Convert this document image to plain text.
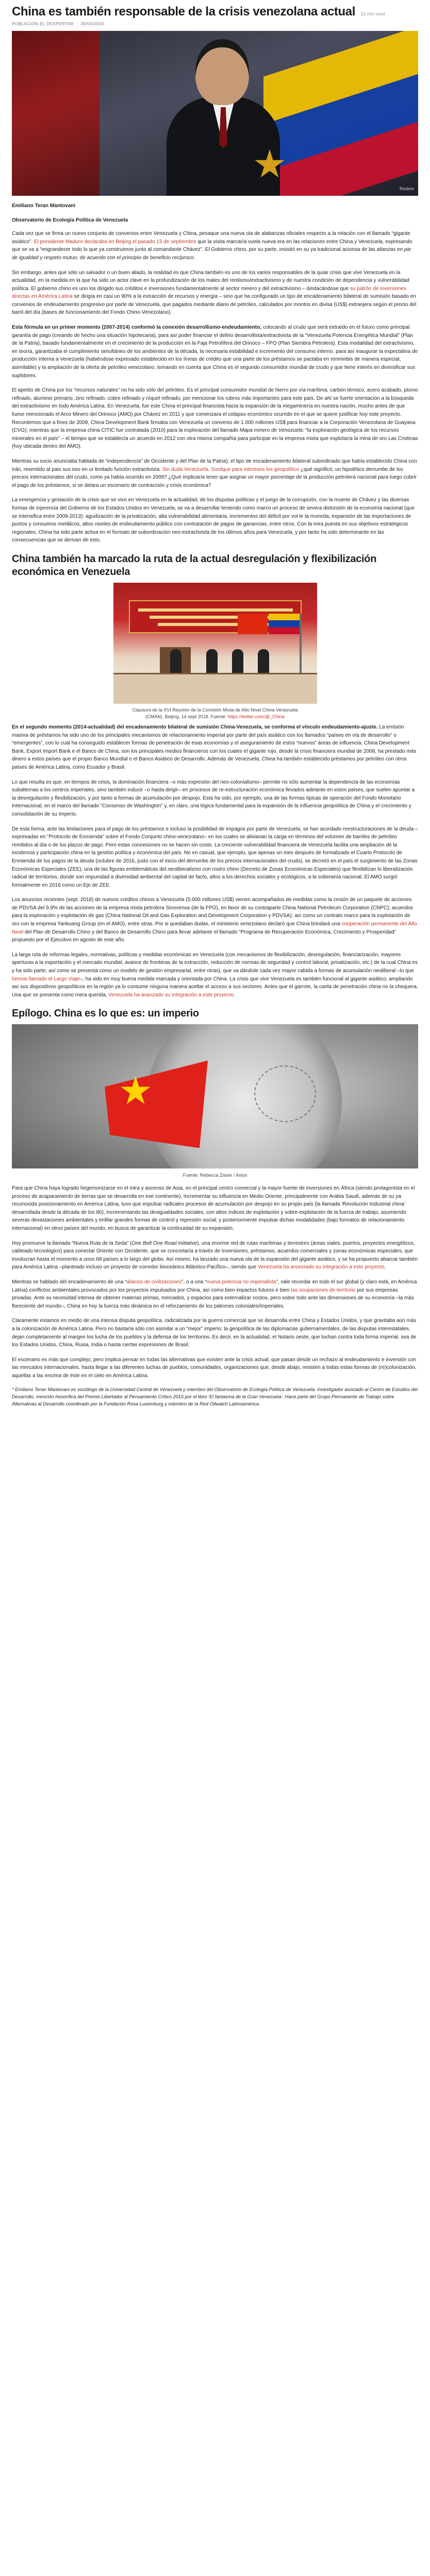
China es también responsable de la crisis venezolana actual 15 min read
POBLACIÓN EL DESPERTAR · 30/04/2019
Reuters
Emiliano Teran Mantovani
Observatorio de Ecología Política de Venezuela

Cada vez que se firma un nuevo conjunto de convenios entre Venezuela y China, pesaque una nueva ola de alabanzas oficiales respecto a la relación con el llamado “gigante asiático”. El presidente Maduro declaraba en Beijing el pasado 13 de septiembre que la visita marcaría vuela nueva era en las relaciones entre China y Venezuela, expresando que se va a “engrandecer todo lo que ya construimos junto al comandante Chávez”. El Gobierno chino, por su parte, insistió en su ya tradicional acionsa de las alianzas en pie de igualdad y respeto mutuo, de acuerdo con el principio de beneficio recíproco.

Sin embargo, antes que sólo un salvador o un buen aliado, la realidad es que China también es uno de los varios responsables de la quiar crisis que vive Venezuela en la actualidad, en la medida en la que ha sido un actor clave en la profundización de los males del rentismo/extractivismo y de nuestra condición de dependencia y vulnerabilidad política. El gobierno chino es uno los dirigido sus créditos e inversiones fundamentalmente al sector minero y del extractivismo – destacándose que su patrón de inversiones directas en América Latina se dirigía en casi un 90% a la extracción de recursos y energía – sino que ha configurado un tipo de encadenamiento bilateral de sumisión basado en convenios de endeudamiento progresivo por parte de Venezuela, que pagados mediante diario de petróleo, calculados por montos en divisa (US$) extranjera según el precio del barril del día (bases de funcionamiento del Fondo Chino-Venezolano).

Esta fórmula en un primer momento (2007-2014) conformó la conexión desarrollismo-endeudamiento, colocando al crudo que será extraído en el futuro como principal garantía de pago (creando de hecho una situación hipotecaria), para así poder financiar el delirio desarrollista/extractivista de la “Venezuela Potencia Energética Mundial” (Plan de la Patria), basado fundamentalmente en el crecimiento de la producción en la Faja Petrolífera del Orinoco – FPO (Plan Siembra Petrolera). Esta modalidad del extractivismo, en teoría, garantizaba el cumplimiento simultáneo de los ambientes de la década, la necesaria estabilidad e incremento del consumo interno, para así inaugurar la expectativa de producción interna a Venezuela (habiéndose expresado establecido en los líneas de crédito que una parte de los préstamos se pactaba en renminbis de manera especial, asimilable) y la ampliación de la oferta de petróleo venezolano, tomando en cuenta que China es el segundo consumidor mundial de crudo y que tiene interés en diversificar sus suplidores.

El apetito de China por los “recursos naturales” no ha sido sólo del petróleo. Es el principal consumidor mundial de hierro por vía marítima, carbón térmico, acero acabado, plomo refinado, aluminio primario, zinc refinado, cobre refinado y níquel refinado, por mencionar los rubros más importantes para este país. De ahí se fuerte orientación a la búsqueda del extractivismo en todo América Latina. En Venezuela, fue este China el principal financista hacia la expansión de la megaminería en nuestra nación, mucho antes de que fuese mencionado el Arco Minero del Orinoco (AMO) por Chávez en 2011 y que comenzara el colapso económico ocurrido en el que se quiere justificar hoy este proyecto. Recordemos que a fines de 2009, China Development Bank firmaba con Venezuela un convenio de 1.000 millones US$ para financiar a la Corporación Venezolana de Guayana (CVG); mientras que la empresa china CITIC fue contratada (2010) para la exploración del llamado Mapa minero de Venezuela: “la exploración geológica de los recursos minerales en el país” – el tiempo que se establecía un acuerdo en 2012 con otra misma compañía para participar en la empresa mixta que explotaría la mina de oro Las Cristinas (hoy ubicada dentro del AMO).

Mientras su socio anunciaba hablada de “independencia” de Occidente y del Plan de la Patria), el tipo de encadenamiento bilateral subordinado que había establecido China con Irán, resentido al pais sus eso en ur limitado función extractivista. Sin duda Venezuela, Sordque para intereses los geopolítico ¿qué significó, un hipotético derrumbe de los precios internacionales del crudo, como ya había ocurrido en 2009? ¿Qué implicaría tener que asignar un mayor porcentaje de la producción petrolera nacional para luego cubrir el pago de los préstamos, si se delara un escenario de contracción y crisis económica?

La emergencia y gestación de la crisis que se vivo en Venezuela en la actualidad, de los disputas políticas y el juego de la corrupción, con la muerte de Chávez y las diversas formas de injerencia del Gobierno de los Estados Unidos en Venezuela, se va a desarrollar teniendo como marco un proceso de severa distorsión de la economía nacional (que se intensifica entre 2009-2013): agudización de la privatización, alta vulnerabilidad alimentaria, incrementos del déficit por vol le la moneda, expansión de las importaciones de puntos y consumos metálicos, altos niveles de endeudamiento público con contratación de pagos de ganancias, entre otros. Con la mira puesta en sus objetivos estratégicos regionales, China ha sido parte activa en el formato de subordinación neo-extractivista de los últimos años para Venezuela, y por tanto ha sido determinante en las consecuencias que se derivan de esto.

China también ha marcado la ruta de la actual desregulación y flexibilización económica en Venezuela
Clausura de la XVI Reunión de la Comisión Mixta de Alto Nivel China-Venezuela
(CMAN). Beijing, 14 sept 2018. Fuente: https://twitter.com/@_China

En el segundo momento (2014-actualidad) del encadenamiento bilateral de sumisión China-Venezuela, se conforma el vínculo endeudamiento-ajuste. La emisión masiva de préstamos ha sido uno de los principales mecanismos de relacionamiento imperial por parte del país asiático con los llamados “países en vía de desarrollo” o “emergentes”, con lo cual ha conseguido establecer formas de penetración de esas economías y el aseguramiento de estos “nuevos” áreas de influencia. China Development Bank, Export Import Bank e el Banco de China, son los principales medios financieros con los cuales el gigante rojo, desde la crisis financiera mundial de 2008, ha prestado más dinero a estos países que el propio Banco Mundial o el Banco Asiático de Desarrollo. Además de Venezuela, China ha también establecido préstamos por petróleo con otros países de América Latina, como Ecuador y Brasil.

Lo que resulta es que, en tiempos de crisis, la dominación financiera –o más expresión del neo-colonialismo– permite no sólo aumentar la dependencia de las economías subalternas a los centros imperiales, sino también inducir –o hasta dirigir– en procesos de re-estructuración económica llevados adelante en estos países, que suelen apuntar a la desregulación y flexibilización, y por tanto a formas de acumulación por despojo. Esta ha sido, por ejemplo, una de las formas típicas de operación del Fondo Monetario Internacional, en el marco del llamado “Consenso de Washington” y, en claro, una lógica fundamental para la expansión de la influencia geopolítica de China y el crecimiento y consolidación de su Imperio.

De esta forma, ante las limitaciones para el pago de los préstamos e incluso la posibilidad de impagos por parte de Venezuela, se han acordado reestructuraciones de la deuda –expresadas en “Protocolo de Enmienda” sobre el Fondo Conjunto chino-venezolano– en los cuales se alivianan la carga en términos del volumen de barriles de petróleo remitidos al día o de los plazos de pago. Pero estas concesiones no se hacen sin costo. La creciente vulnerabilidad financiera de Venezuela facilita una ampliación de la incidencia y participación china en la gestión política y económica del país. No en casual, que ejemplo, que apenas un mes después de formalizado el Cuarto Protocolo de Enmienda de los pagos de la deuda (octubre de 2016, justo con el inicio del derrumbe de los precios internacionales del crudo), se decretó en el país el surgimiento de las Zonas Económicas Especiales (ZEE), una de las figuras emblemáticas del neoliberalismo con rostro chino (Decreto de Zonas Económicas Especiales) que flexibilizan lo liberalización radical de territorios, donde son impunidad a diversidad ambiental del capital de facto, altos a los derechos sociales y ecológicos, a la soberanía nacional. El AMO surgió formalmente en 2016 como un Eje de ZEE.

Los anuncios recientes (sept. 2018) de nuevos créditos chinos a Venezuela (5.000 millones US$) vienen acompañados de medidas como la cesión de un paquete de acciones de PDVSA del 9,9% de las acciones de la empresa mixta petrolera Sinovensa (de la FPO), en favor de su contraparte China National Petroleum Corporation (CNPC); acuerdos para la exploración y explotación de gas (China National Oil and Gas Exploration and Development Corporation y PDVSA); así como un contrato marco para la explotación de oro con la empresa Yankuang Group (en el AMO), entre otras. Por si quedaban dudas, el ministerio venezolano declaró que China brindará una cooperación permanente del Alto Nivel del Plan de Desarrollo Chino y del Banco de Desarrollo Chino para llevar adelante el llamado “Programa de Recuperación Económica, Crecimiento y Prosperidad” propuesto por el Ejecutivo en agosto de este año.

La larga ruta de reformas legales, normativas, políticas y medidas económicas en Venezuela (con mecanismos de flexibilización, desregulación, financiarización, mayores aperturas a la exportación y el mercado mundial, avance de fronteras de la extracción, reducción de normas de seguridad y control laboral, privatización, etc.) de la cual China es y ha sido parte, así como se presenta como un modelo de gestión empresarial, entre otras), que va dándole cada vez mayor cabida a formas de acumulación neoliberal –lo que hemos llamado el Largo Viaje–, ha sido en muy buena medida marcada y orientada por China. La crisis que vive Venezuela es también funcional al gigante asiático, ampliando así sus dispositivos geopolíticos en la región ya lo consume ninguna manera aceltar el acceso a sus sectores. Antes que el garrote, la carita de penetración china no la chequera. Una que se presenta como mera querida, Venezuela ha avanzado su integración a este proyecto.

Epílogo. China es lo que es: un imperio
Fuente: Rebecca Zisser / Axios

Para que China haya logrado hegemonizarse en el intra y ascenso de Asia, en el principal centro comercial y la mayor fuente de inversiones en África (siendo protagonista en el proceso de acaparamiento de tierras que se desarrolla en ese continente), incrementar su influencia en Medio Oriente, principalmente con Arabia Saudí, además de su ya reconocida posicionamiento en América Latina, tuvo que impulsar radicales procesos de acumulación por despojo en su propio país (la llamada ‘Revolución Industrial china’ desarrollada desde la década de los 80), incrementando las desigualdades sociales, con altos índices de explotación y sobre-explotación de la fuerza de trabajo, asumiendo severas devastaciones ambientales y enfilar grandes formas de control y represión social; y posteriormente impulsar dichas modalidades (bajo formatos de relacionamiento internacional) en otros países del mundo, en busca de garantizar la continuidad de su expansión.

Hoy promueve la llamada “Nueva Ruta de la Seda” (One Belt One Road Initiative), una enorme red de rutas marítimas y terrestres (áreas viales, puertos, proyectos energéticos, cableado tecnológico) para conectar Oriente con Occidente, que se concretaría a través de inversiones, préstamos, acuerdos comerciales y zonas económicas especiales, que involucran hasta el momento a unos 68 países a lo largo del globo. Así mismo, ha lanzado una nueva ola de la expansión del gigante asiático, y se ha propuesto abarcar también para América Latina –planteado incluso un proyecto de corredor bioceánico Atlántico-Pacífico–, siendo que Venezuela ha anunciado su integración a este proyecto.

Mientras se hablado del encadenamiento de una “alianza de civilizaciones”, o a una “nueva potencia no imperialista”, vale recordar en todo el sur global (y claro está, en América Latina) conflictos ambientales provocados por los proyectos impulsados por China, así como bien impactos futuros e bien las ocupaciones de territorio por sus empresas privadas. Ante su necesidad intensa de obtener materias primas, mercados, y espacios para externalizar costos, pero sobre todo ante las dimensiones de su economía –la más floreciente del mundo–, China en hoy la fuerza más dinámica en el reforzamiento de los patrones coloniales/imperiales.

Claramente estamos en medio de una intensa disputa geopolítica, radicalizada por la guerra comercial que se desarrolla entre China y Estados Unidos, y que gravitaba aún más a la colonización de América Latina. Pero no bastaría sólo con asimilar a un “mejor” imperio: la geopolítica de las diplomacias gubernamentales, de las disputas interestatales, dejan completamente al margen los lucha de los pueblos y la defensa de los territorios. Es decir, en la actualidad, el Notario oeste, que luchan contra toda forma imperial, sea de los Estados Unidos, China, Rusia, India o hasta ciertas expresiones de Brasil.

El escenario es más que complejo, pero implica pensar en todas las alternativas que existen ante la crisis actual, que pasan desde un rechazo al endeudamiento e inversión con las mercados internacionales, hasta llegar a las diferentes luchas de pueblos, comunidades, organizaciones que, desde abajo, resisten a todas estas formas de (re)colonización, aquellas a las encima de éste en el cielo en América Latina.

* Emiliano Teran Mantovani es sociólogo de la Universidad Central de Venezuela y miembro del Observatorio de Ecología Política de Venezuela. Investigador asociado al Centro de Estudios del Desarrollo, mención honorífica del Premio Libertador al Pensamiento Crítico 2015 por el libro ‘El fantasma de la Gran Venezuela’. Hace parte del Grupo Permanente de Trabajo sobre Alternativas al Desarrollo coordinado por la Fundación Rosa Luxemburg y miembro de la Red Oilwatch Latinoamérica.
